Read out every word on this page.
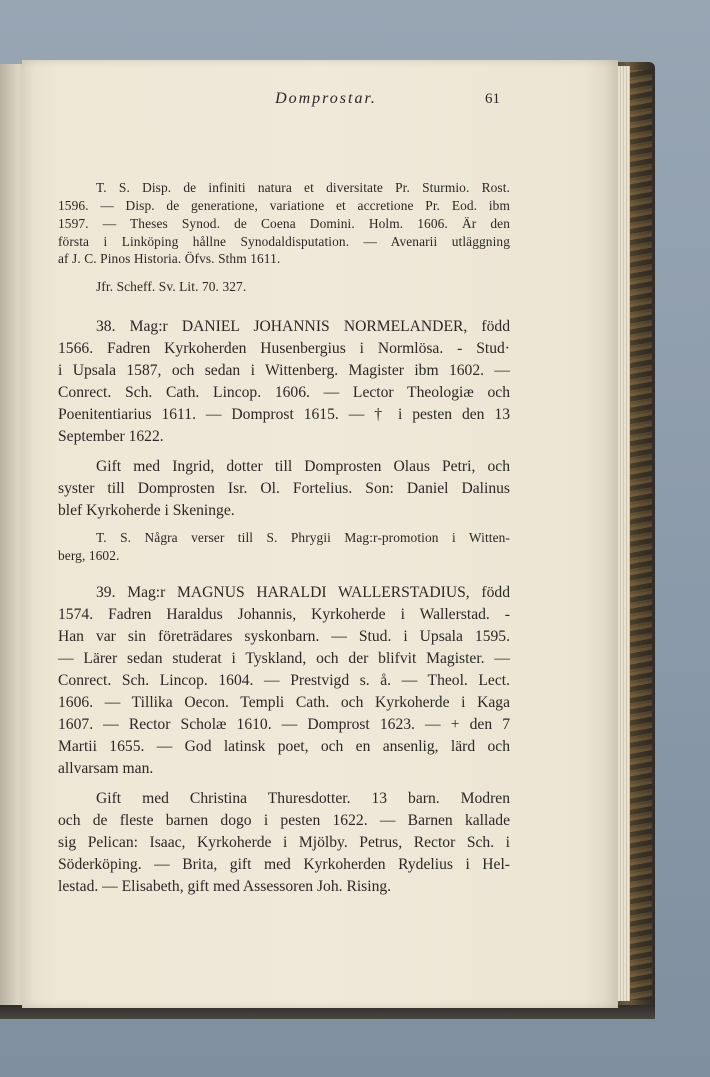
Domprostar.	61
T. S. Disp. de infiniti natura et diversitate Pr. Sturmio. Rost.
1596. — Disp. de generatione, variatione et accretione Pr. Eod. ibm
1597. — Theses Synod. de Coena Domini. Holm. 1606. Är den
första i Linköping hållne Synodaldisputation. — Avenarii utläggning
af J. C. Pinos Historia. Öfvs. Sthm 1611.
Jfr. Scheff. Sv. Lit. 70. 327.
38. Mag:r DANIEL JOHANNIS NORMELANDER, född
1566. Fadren Kyrkoherden Husenbergius i Normlösa. - Stud·
i Upsala 1587, och sedan i Wittenberg. Magister ibm 1602. —
Conrect. Sch. Cath. Lincop. 1606. — Lector Theologiæ och
Poenitentiarius 1611. — Domprost 1615. — † i pesten den 13
September 1622.
Gift med Ingrid, dotter till Domprosten Olaus Petri, och
syster till Domprosten Isr. Ol. Fortelius. Son: Daniel Dalinus
blef Kyrkoherde i Skeninge.
T. S. Några verser till S. Phrygii Mag:r-promotion i Witten-
berg, 1602.
39. Mag:r MAGNUS HARALDI WALLERSTADIUS, född
1574. Fadren Haraldus Johannis, Kyrkoherde i Wallerstad. -
Han var sin företrädares syskonbarn. — Stud. i Upsala 1595.
— Lärer sedan studerat i Tyskland, och der blifvit Magister. —
Conrect. Sch. Lincop. 1604. — Prestvigd s. å. — Theol. Lect.
1606. — Tillika Oecon. Templi Cath. och Kyrkoherde i Kaga
1607. — Rector Scholæ 1610. — Domprost 1623. — + den 7
Martii 1655. — God latinsk poet, och en ansenlig, lärd och
allvarsam man.
Gift med Christina Thuresdotter. 13 barn. Modren
och de fleste barnen dogo i pesten 1622. — Barnen kallade
sig Pelican: Isaac, Kyrkoherde i Mjölby. Petrus, Rector Sch. i
Söderköping. — Brita, gift med Kyrkoherden Rydelius i Hel-
lestad. — Elisabeth, gift med Assessoren Joh. Rising.
